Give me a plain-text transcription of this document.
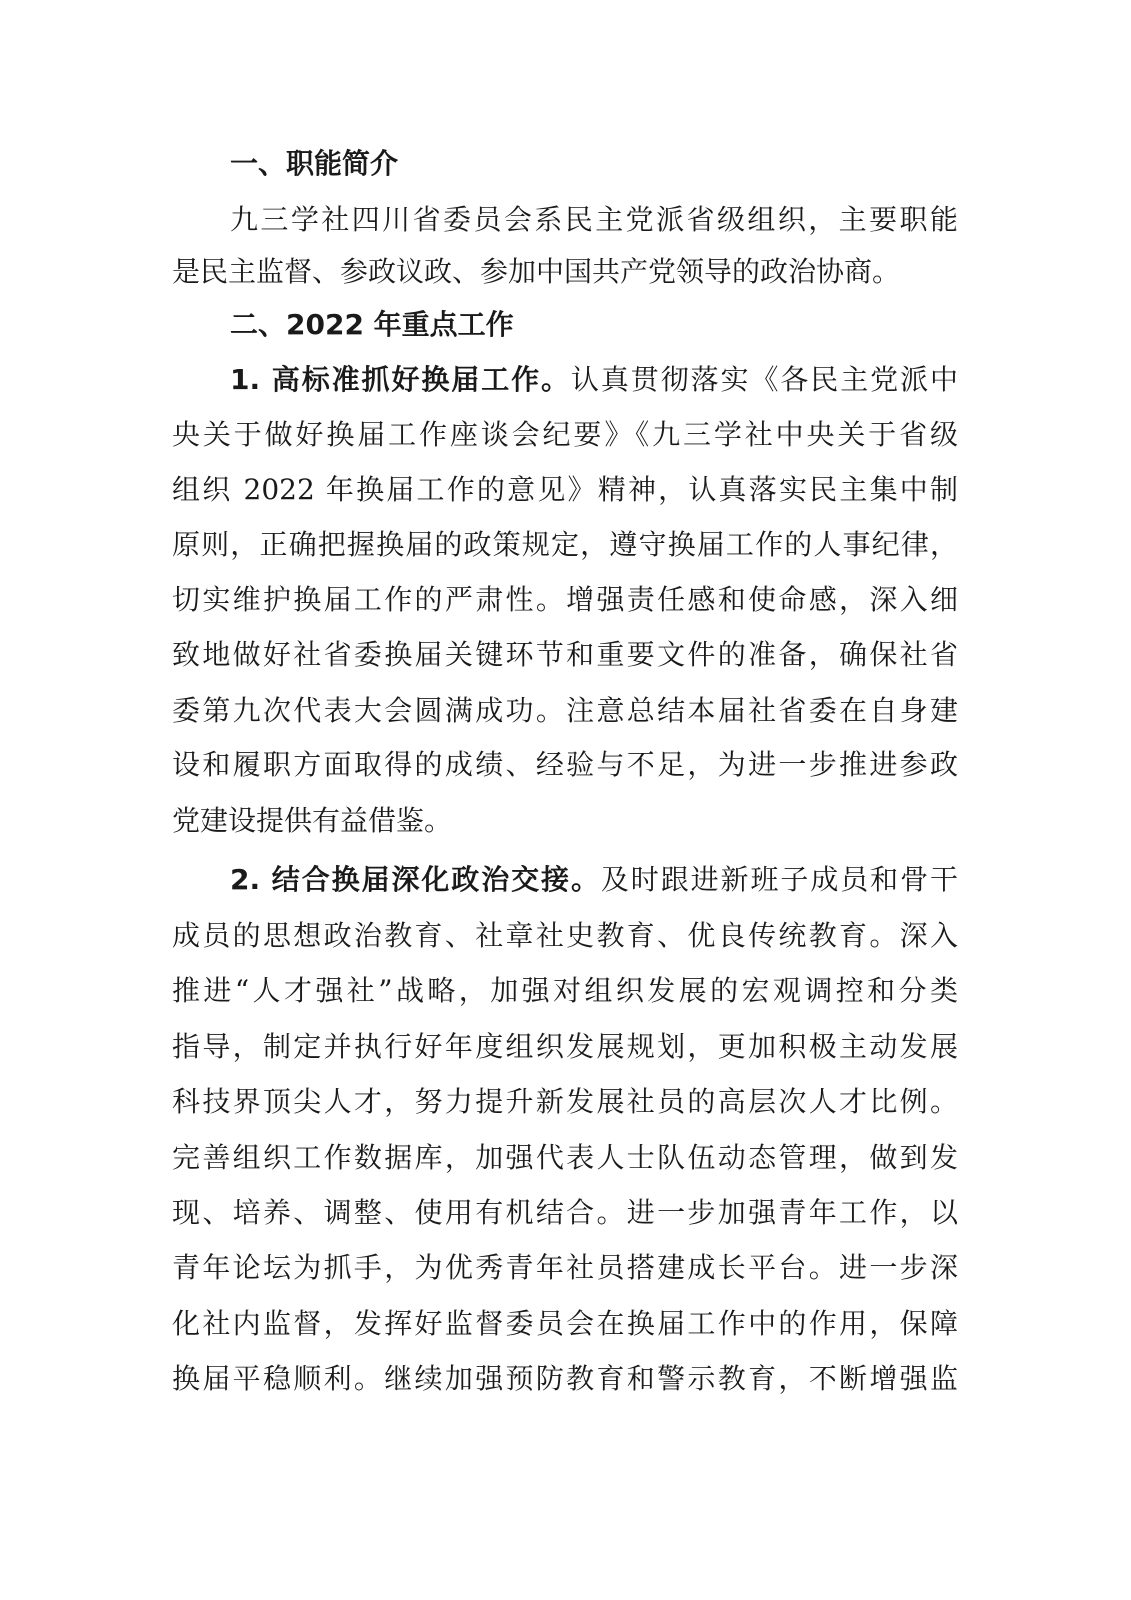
一、职能简介
九三学社四川省委员会系民主党派省级组织，主要职能
是民主监督、参政议政、参加中国共产党领导的政治协商。
二、2022 年重点工作
1. 高标准抓好换届工作。认真贯彻落实《各民主党派中
央关于做好换届工作座谈会纪要》《九三学社中央关于省级
组织 2022 年换届工作的意见》精神，认真落实民主集中制
原则，正确把握换届的政策规定，遵守换届工作的人事纪律，
切实维护换届工作的严肃性。增强责任感和使命感，深入细
致地做好社省委换届关键环节和重要文件的准备，确保社省
委第九次代表大会圆满成功。注意总结本届社省委在自身建
设和履职方面取得的成绩、经验与不足，为进一步推进参政
党建设提供有益借鉴。
2. 结合换届深化政治交接。及时跟进新班子成员和骨干
成员的思想政治教育、社章社史教育、优良传统教育。深入
推进“人才强社”战略，加强对组织发展的宏观调控和分类
指导，制定并执行好年度组织发展规划，更加积极主动发展
科技界顶尖人才，努力提升新发展社员的高层次人才比例。
完善组织工作数据库，加强代表人士队伍动态管理，做到发
现、培养、调整、使用有机结合。进一步加强青年工作，以
青年论坛为抓手，为优秀青年社员搭建成长平台。进一步深
化社内监督，发挥好监督委员会在换届工作中的作用，保障
换届平稳顺利。继续加强预防教育和警示教育，不断增强监
